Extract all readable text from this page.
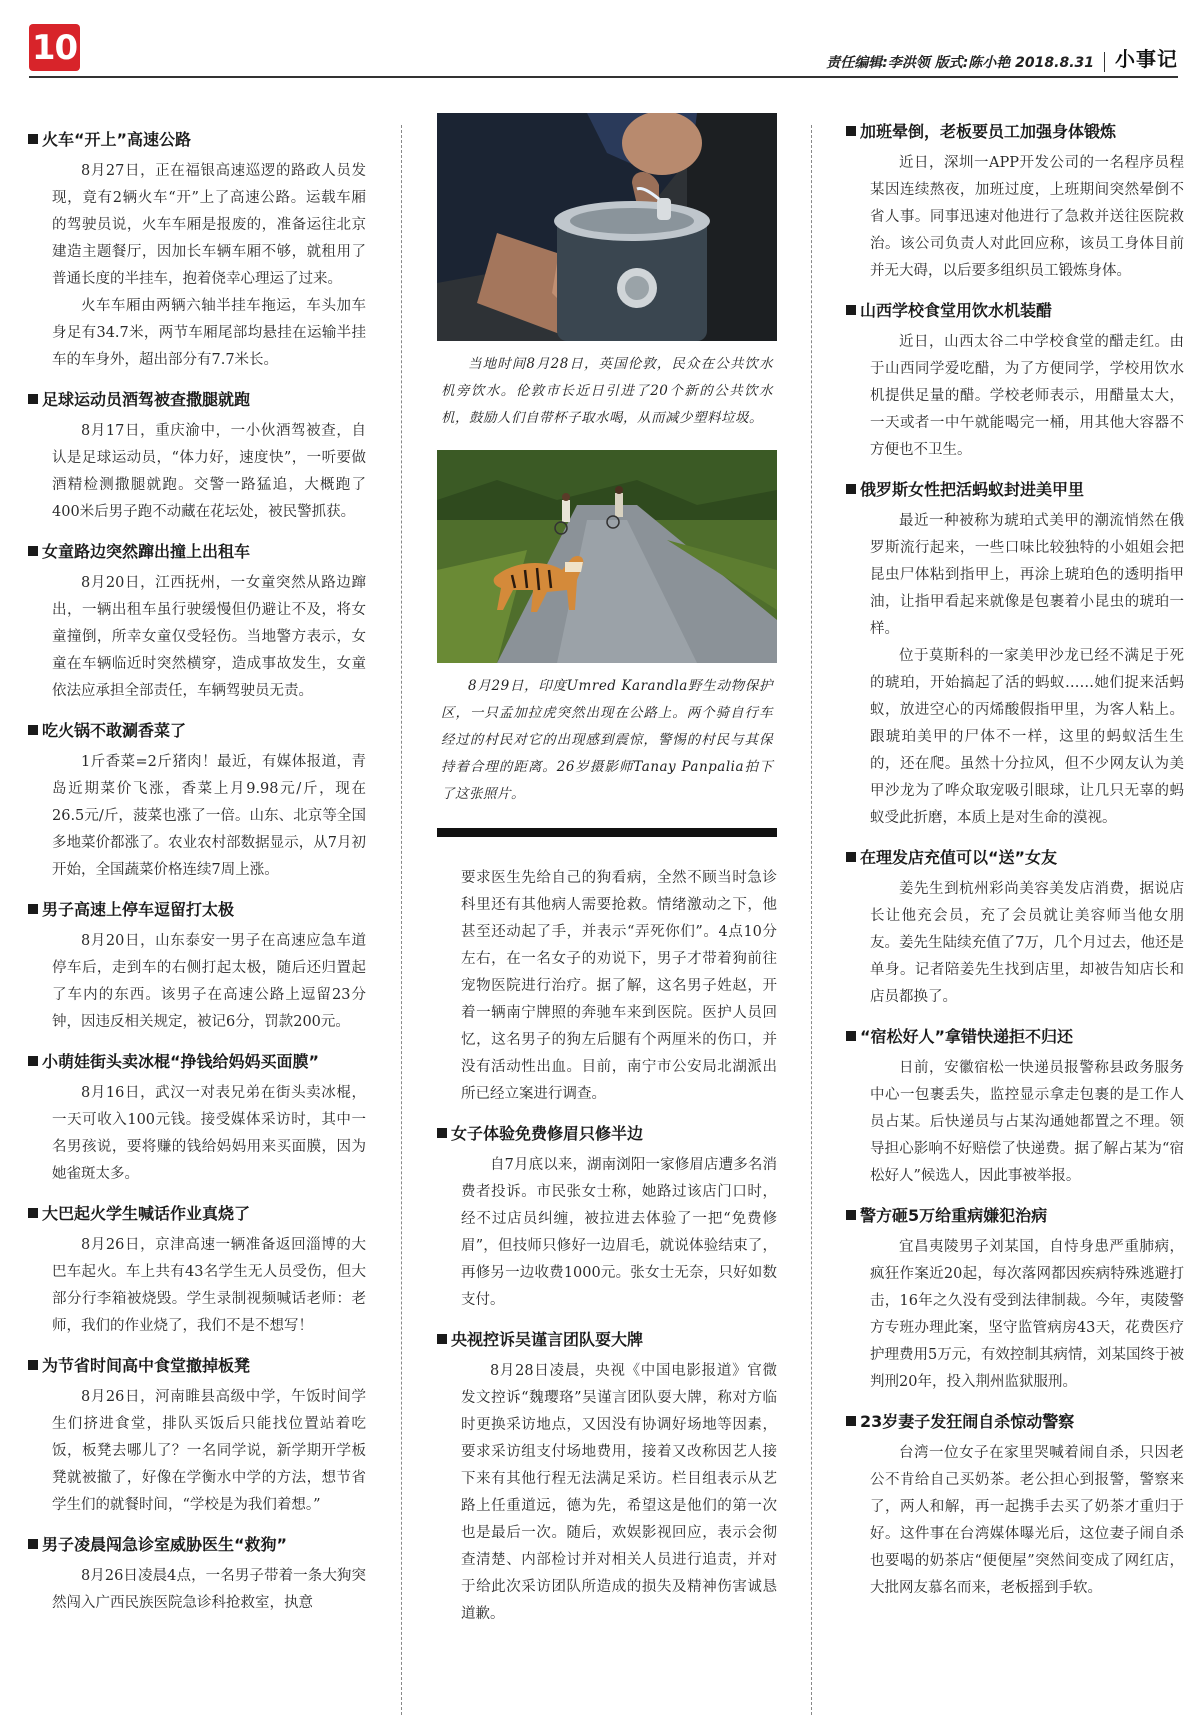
10	责任编辑:李洪领 版式:陈小艳 2018.8.31 小事记
火车“开上”高速公路

8月27日，正在福银高速巡逻的路政人员发现，竟有2辆火车“开”上了高速公路。运载车厢的驾驶员说，火车车厢是报废的，准备运往北京建造主题餐厅，因加长车辆车厢不够，就租用了普通长度的半挂车，抱着侥幸心理运了过来。

火车车厢由两辆六轴半挂车拖运，车头加车身足有34.7米，两节车厢尾部均悬挂在运输半挂车的车身外，超出部分有7.7米长。

足球运动员酒驾被查撒腿就跑

8月17日，重庆渝中，一小伙酒驾被查，自认是足球运动员，“体力好，速度快”，一听要做酒精检测撒腿就跑。交警一路猛追，大概跑了400米后男子跑不动藏在花坛处，被民警抓获。

女童路边突然蹿出撞上出租车

8月20日，江西抚州，一女童突然从路边蹿出，一辆出租车虽行驶缓慢但仍避让不及，将女童撞倒，所幸女童仅受轻伤。当地警方表示，女童在车辆临近时突然横穿，造成事故发生，女童依法应承担全部责任，车辆驾驶员无责。

吃火锅不敢涮香菜了

1斤香菜=2斤猪肉！最近，有媒体报道，青岛近期菜价飞涨，香菜上月9.98元/斤，现在26.5元/斤，菠菜也涨了一倍。山东、北京等全国多地菜价都涨了。农业农村部数据显示，从7月初开始，全国蔬菜价格连续7周上涨。

男子高速上停车逗留打太极

8月20日，山东泰安一男子在高速应急车道停车后，走到车的右侧打起太极，随后还归置起了车内的东西。该男子在高速公路上逗留23分钟，因违反相关规定，被记6分，罚款200元。

小萌娃街头卖冰棍“挣钱给妈妈买面膜”

8月16日，武汉一对表兄弟在街头卖冰棍，一天可收入100元钱。接受媒体采访时，其中一名男孩说，要将赚的钱给妈妈用来买面膜，因为她雀斑太多。

大巴起火学生喊话作业真烧了

8月26日，京津高速一辆准备返回淄博的大巴车起火。车上共有43名学生无人员受伤，但大部分行李箱被烧毁。学生录制视频喊话老师：老师，我们的作业烧了，我们不是不想写！

为节省时间高中食堂撤掉板凳

8月26日，河南睢县高级中学，午饭时间学生们挤进食堂，排队买饭后只能找位置站着吃饭，板凳去哪儿了？一名同学说，新学期开学板凳就被撤了，好像在学衡水中学的方法，想节省学生们的就餐时间，“学校是为我们着想。”

男子凌晨闯急诊室威胁医生“救狗”

8月26日凌晨4点，一名男子带着一条大狗突然闯入广西民族医院急诊科抢救室，执意

当地时间8月28日，英国伦敦，民众在公共饮水机旁饮水。伦敦市长近日引进了20个新的公共饮水机，鼓励人们自带杯子取水喝，从而减少塑料垃圾。
8月29日，印度Umred Karandla野生动物保护区，一只孟加拉虎突然出现在公路上。两个骑自行车经过的村民对它的出现感到震惊，警惕的村民与其保持着合理的距离。26岁摄影师Tanay Panpalia拍下了这张照片。

要求医生先给自己的狗看病，全然不顾当时急诊科里还有其他病人需要抢救。情绪激动之下，他甚至还动起了手，并表示“弄死你们”。4点10分左右，在一名女子的劝说下，男子才带着狗前往宠物医院进行治疗。据了解，这名男子姓赵，开着一辆南宁牌照的奔驰车来到医院。医护人员回忆，这名男子的狗左后腿有个两厘米的伤口，并没有活动性出血。目前，南宁市公安局北湖派出所已经立案进行调查。

女子体验免费修眉只修半边

自7月底以来，湖南浏阳一家修眉店遭多名消费者投诉。市民张女士称，她路过该店门口时，经不过店员纠缠，被拉进去体验了一把“免费修眉”，但技师只修好一边眉毛，就说体验结束了，再修另一边收费1000元。张女士无奈，只好如数支付。

央视控诉吴谨言团队耍大牌

8月28日凌晨，央视《中国电影报道》官微发文控诉“魏璎珞”吴谨言团队耍大牌，称对方临时更换采访地点，又因没有协调好场地等因素，要求采访组支付场地费用，接着又改称因艺人接下来有其他行程无法满足采访。栏目组表示从艺路上任重道远，德为先，希望这是他们的第一次也是最后一次。随后，欢娱影视回应，表示会彻查清楚、内部检讨并对相关人员进行追责，并对于给此次采访团队所造成的损失及精神伤害诚恳道歉。

加班晕倒，老板要员工加强身体锻炼

近日，深圳一APP开发公司的一名程序员程某因连续熬夜，加班过度，上班期间突然晕倒不省人事。同事迅速对他进行了急救并送往医院救治。该公司负责人对此回应称，该员工身体目前并无大碍，以后要多组织员工锻炼身体。

山西学校食堂用饮水机装醋

近日，山西太谷二中学校食堂的醋走红。由于山西同学爱吃醋，为了方便同学，学校用饮水机提供足量的醋。学校老师表示，用醋量太大，一天或者一中午就能喝完一桶，用其他大容器不方便也不卫生。

俄罗斯女性把活蚂蚁封进美甲里

最近一种被称为琥珀式美甲的潮流悄然在俄罗斯流行起来，一些口味比较独特的小姐姐会把昆虫尸体粘到指甲上，再涂上琥珀色的透明指甲油，让指甲看起来就像是包裹着小昆虫的琥珀一样。

位于莫斯科的一家美甲沙龙已经不满足于死的琥珀，开始搞起了活的蚂蚁……她们捉来活蚂蚁，放进空心的丙烯酸假指甲里，为客人粘上。跟琥珀美甲的尸体不一样，这里的蚂蚁活生生的，还在爬。虽然十分拉风，但不少网友认为美甲沙龙为了哗众取宠吸引眼球，让几只无辜的蚂蚁受此折磨，本质上是对生命的漠视。

在理发店充值可以“送”女友

姜先生到杭州彩尚美容美发店消费，据说店长让他充会员，充了会员就让美容师当他女朋友。姜先生陆续充值了7万，几个月过去，他还是单身。记者陪姜先生找到店里，却被告知店长和店员都换了。

“宿松好人”拿错快递拒不归还

日前，安徽宿松一快递员报警称县政务服务中心一包裹丢失，监控显示拿走包裹的是工作人员占某。后快递员与占某沟通她都置之不理。领导担心影响不好赔偿了快递费。据了解占某为“宿松好人”候选人，因此事被举报。

警方砸5万给重病嫌犯治病

宜昌夷陵男子刘某国，自恃身患严重肺病，疯狂作案近20起，每次落网都因疾病特殊逃避打击，16年之久没有受到法律制裁。今年，夷陵警方专班办理此案，坚守监管病房43天，花费医疗护理费用5万元，有效控制其病情，刘某国终于被判刑20年，投入荆州监狱服刑。

23岁妻子发狂闹自杀惊动警察

台湾一位女子在家里哭喊着闹自杀，只因老公不肯给自己买奶茶。老公担心到报警，警察来了，两人和解，再一起携手去买了奶茶才重归于好。这件事在台湾媒体曝光后，这位妻子闹自杀也要喝的奶茶店“便便屋”突然间变成了网红店，大批网友慕名而来，老板摇到手软。
